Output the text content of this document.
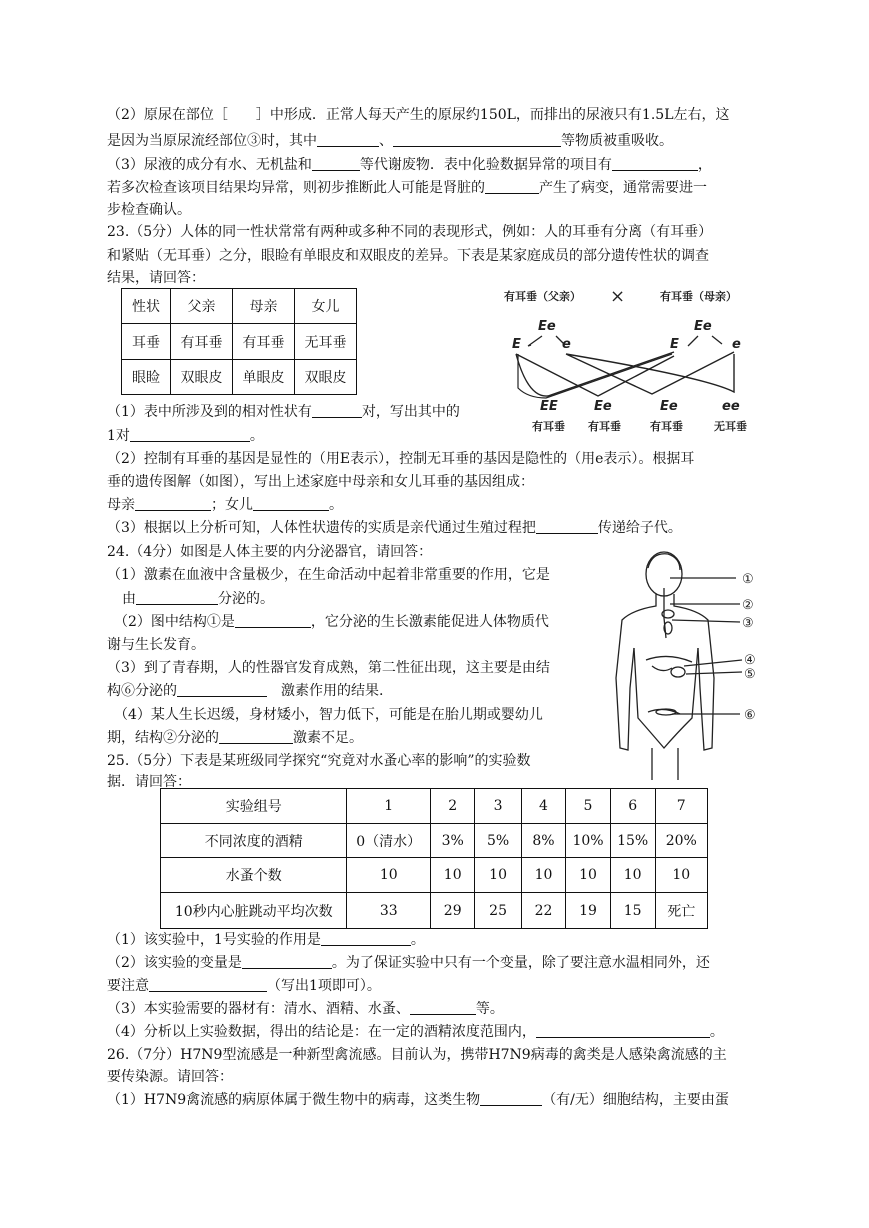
（2）原尿在部位［　　］中形成．正常人每天产生的原尿约150L，而排出的尿液只有1.5L左右，这
是因为当原尿流经部位③时，其中	、	等物质被重吸收。
（3）尿液的成分有水、无机盐和	等代谢废物．表中化验数据异常的项目有	，
若多次检查该项目结果均异常，则初步推断此人可能是肾脏的	产生了病变，通常需要进一
步检查确认。
23.（5分）人体的同一性状常常有两种或多种不同的表现形式，例如：人的耳垂有分离（有耳垂）
和紧贴（无耳垂）之分，眼睑有单眼皮和双眼皮的差异。下表是某家庭成员的部分遗传性状的调查
结果，请回答：
性状	父亲	母亲	女儿
耳垂	有耳垂	有耳垂	无耳垂
眼睑	双眼皮	单眼皮	双眼皮
有耳垂（父亲） ×	有耳垂（母亲）
Ee	Ee
E	e	E	e
EE	Ee	Ee	ee
有耳垂 有耳垂	有耳垂	无耳垂
（1）表中所涉及到的相对性状有	对，写出其中的
1对	。
（2）控制有耳垂的基因是显性的（用E表示），控制无耳垂的基因是隐性的（用e表示）。根据耳
垂的遗传图解（如图），写出上述家庭中母亲和女儿耳垂的基因组成：
母亲	；女儿	。
（3）根据以上分析可知，人体性状遗传的实质是亲代通过生殖过程把	传递给子代。
24.（4分）如图是人体主要的内分泌器官，请回答：
（1）激素在血液中含量极少，在生命活动中起着非常重要的作用，它是
由	分泌的。
（2）图中结构①是	，它分泌的生长激素能促进人体物质代
谢与生长发育。
（3）到了青春期，人的性器官发育成熟，第二性征出现，这主要是由结
构⑥分泌的	激素作用的结果.
（4）某人生长迟缓，身材矮小，智力低下，可能是在胎儿期或婴幼儿
期，结构②分泌的	激素不足。
①
②
③
④
⑤
⑥
25.（5分）下表是某班级同学探究“究竟对水蚤心率的影响”的实验数
据．请回答：
实验组号	1	2	3	4	5	6	7
不同浓度的酒精	0（清水）	3%	5%	8%	10%	15%	20%
水蚤个数	10	10	10	10	10	10	10
10秒内心脏跳动平均次数	33	29	25	22	19	15	死亡
（1）该实验中，1号实验的作用是	。
（2）该实验的变量是	。为了保证实验中只有一个变量，除了要注意水温相同外，还
要注意	（写出1项即可）。
（3）本实验需要的器材有：清水、酒精、水蚤、	等。
（4）分析以上实验数据，得出的结论是：在一定的酒精浓度范围内，	。
26.（7分）H7N9型流感是一种新型禽流感。目前认为，携带H7N9病毒的禽类是人感染禽流感的主
要传染源。请回答：
（1）H7N9禽流感的病原体属于微生物中的病毒，这类生物	（有/无）细胞结构，主要由蛋
